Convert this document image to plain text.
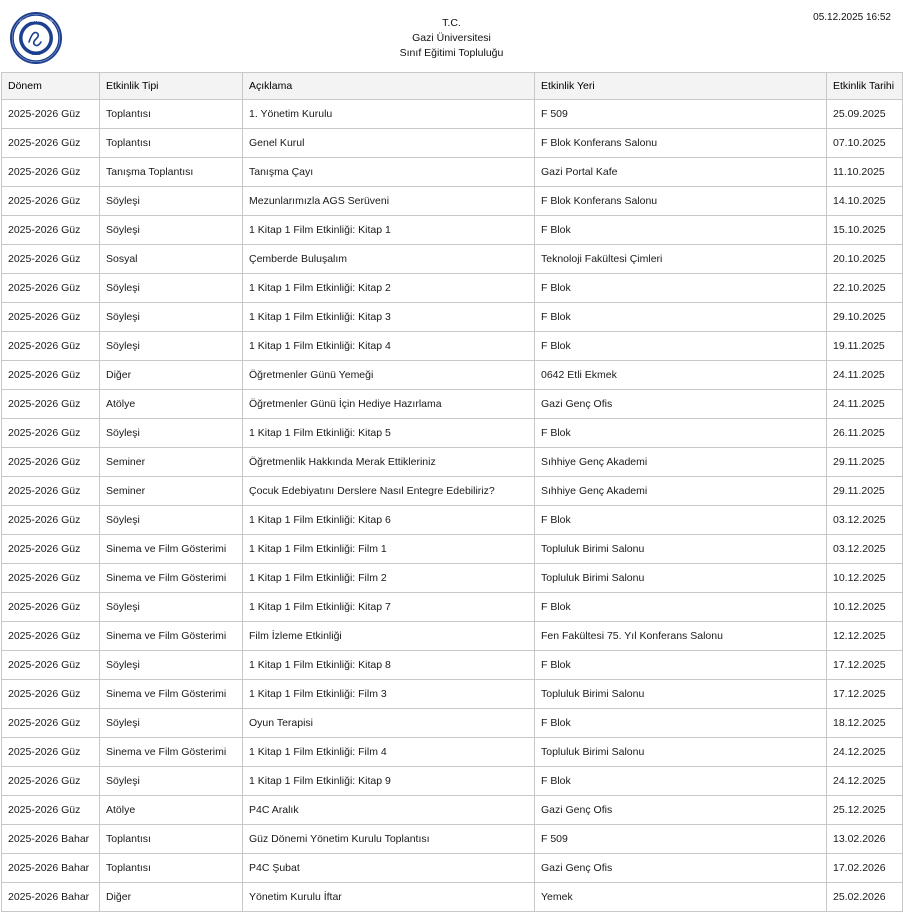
1926
GAZİ ÜNİVERSİTESİ	T.C.
Gazi Üniversitesi
Sınıf Eğitimi Topluluğu
05.12.2025 16:52
Dönem	Etkinlik Tipi	Açıklama	Etkinlik Yeri	Etkinlik Tarihi
2025-2026 Güz	Toplantısı	1. Yönetim Kurulu	F 509	25.09.2025
2025-2026 Güz	Toplantısı	Genel Kurul	F Blok Konferans Salonu	07.10.2025
2025-2026 Güz	Tanışma Toplantısı	Tanışma Çayı	Gazi Portal Kafe	11.10.2025
2025-2026 Güz	Söyleşi	Mezunlarımızla AGS Serüveni	F Blok Konferans Salonu	14.10.2025
2025-2026 Güz	Söyleşi	1 Kitap 1 Film Etkinliği: Kitap 1	F Blok	15.10.2025
2025-2026 Güz	Sosyal	Çemberde Buluşalım	Teknoloji Fakültesi Çimleri	20.10.2025
2025-2026 Güz	Söyleşi	1 Kitap 1 Film Etkinliği: Kitap 2	F Blok	22.10.2025
2025-2026 Güz	Söyleşi	1 Kitap 1 Film Etkinliği: Kitap 3	F Blok	29.10.2025
2025-2026 Güz	Söyleşi	1 Kitap 1 Film Etkinliği: Kitap 4	F Blok	19.11.2025
2025-2026 Güz	Diğer	Öğretmenler Günü Yemeği	0642 Etli Ekmek	24.11.2025
2025-2026 Güz	Atölye	Öğretmenler Günü İçin Hediye Hazırlama	Gazi Genç Ofis	24.11.2025
2025-2026 Güz	Söyleşi	1 Kitap 1 Film Etkinliği: Kitap 5	F Blok	26.11.2025
2025-2026 Güz	Seminer	Öğretmenlik Hakkında Merak Ettikleriniz	Sıhhiye Genç Akademi	29.11.2025
2025-2026 Güz	Seminer	Çocuk Edebiyatını Derslere Nasıl Entegre Edebiliriz?	Sıhhiye Genç Akademi	29.11.2025
2025-2026 Güz	Söyleşi	1 Kitap 1 Film Etkinliği: Kitap 6	F Blok	03.12.2025
2025-2026 Güz	Sinema ve Film Gösterimi	1 Kitap 1 Film Etkinliği: Film 1	Topluluk Birimi Salonu	03.12.2025
2025-2026 Güz	Sinema ve Film Gösterimi	1 Kitap 1 Film Etkinliği: Film 2	Topluluk Birimi Salonu	10.12.2025
2025-2026 Güz	Söyleşi	1 Kitap 1 Film Etkinliği: Kitap 7	F Blok	10.12.2025
2025-2026 Güz	Sinema ve Film Gösterimi	Film İzleme Etkinliği	Fen Fakültesi 75. Yıl Konferans Salonu	12.12.2025
2025-2026 Güz	Söyleşi	1 Kitap 1 Film Etkinliği: Kitap 8	F Blok	17.12.2025
2025-2026 Güz	Sinema ve Film Gösterimi	1 Kitap 1 Film Etkinliği: Film 3	Topluluk Birimi Salonu	17.12.2025
2025-2026 Güz	Söyleşi	Oyun Terapisi	F Blok	18.12.2025
2025-2026 Güz	Sinema ve Film Gösterimi	1 Kitap 1 Film Etkinliği: Film 4	Topluluk Birimi Salonu	24.12.2025
2025-2026 Güz	Söyleşi	1 Kitap 1 Film Etkinliği: Kitap 9	F Blok	24.12.2025
2025-2026 Güz	Atölye	P4C Aralık	Gazi Genç Ofis	25.12.2025
2025-2026 Bahar	Toplantısı	Güz Dönemi Yönetim Kurulu Toplantısı	F 509	13.02.2026
2025-2026 Bahar	Toplantısı	P4C Şubat	Gazi Genç Ofis	17.02.2026
2025-2026 Bahar	Diğer	Yönetim Kurulu İftar	Yemek	25.02.2026
